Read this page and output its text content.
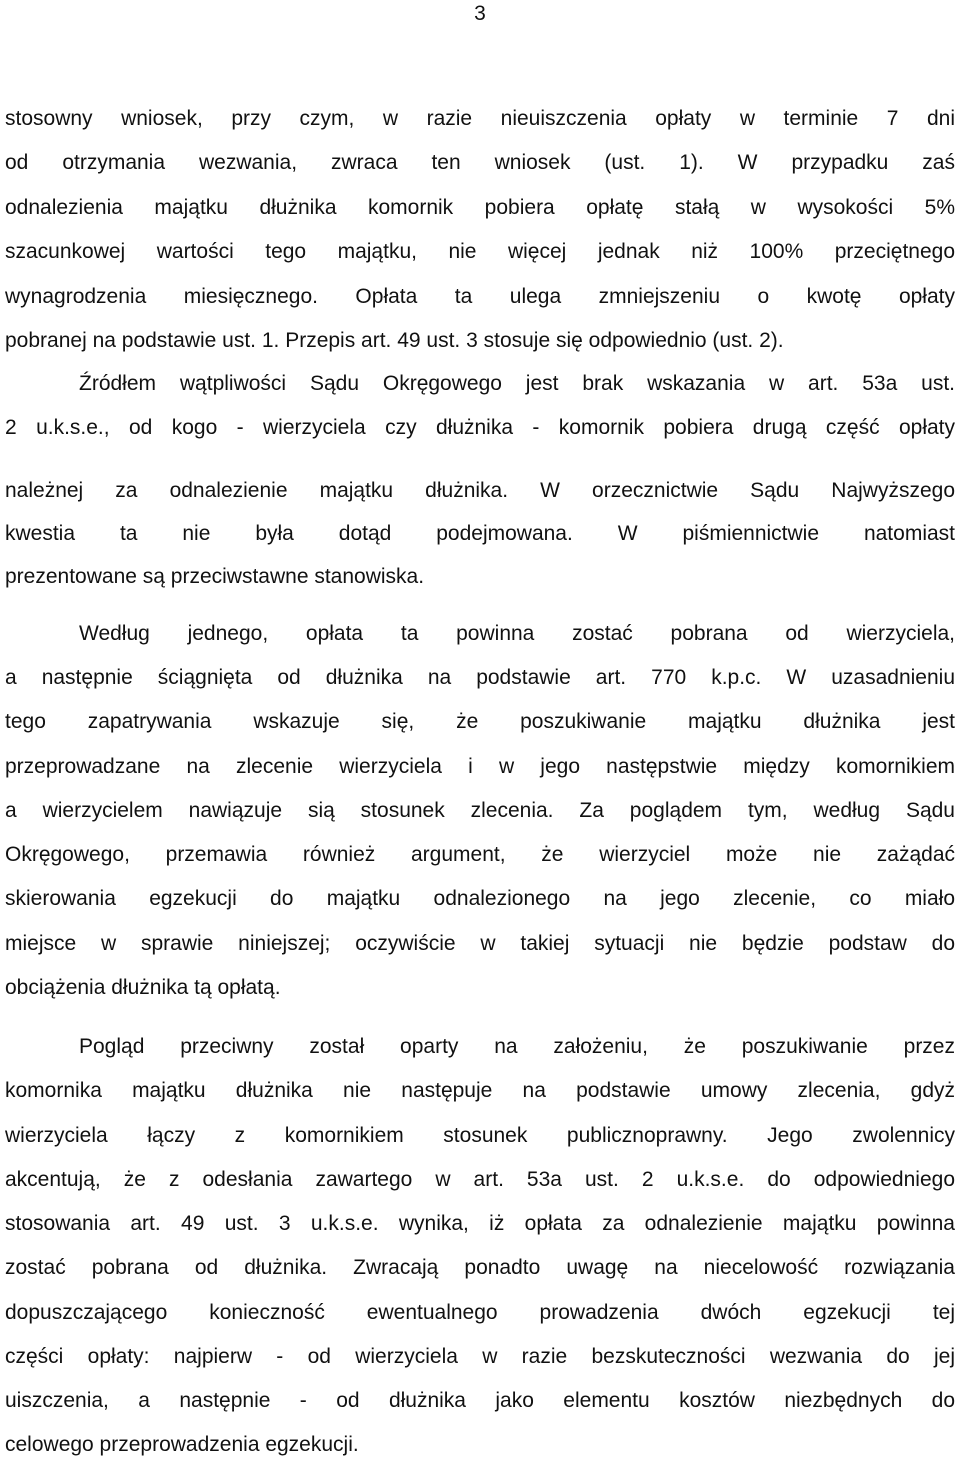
3
stosowny wniosek, przy czym, w razie nieuiszczenia opłaty w terminie 7 dni
od otrzymania wezwania, zwraca ten wniosek (ust. 1). W przypadku zaś
odnalezienia majątku dłużnika komornik pobiera opłatę stałą w wysokości 5%
szacunkowej wartości tego majątku, nie więcej jednak niż 100% przeciętnego
wynagrodzenia miesięcznego. Opłata ta ulega zmniejszeniu o kwotę opłaty
pobranej na podstawie ust. 1. Przepis art. 49 ust. 3 stosuje się odpowiednio (ust. 2).
Źródłem wątpliwości Sądu Okręgowego jest brak wskazania w art. 53a ust.
2 u.k.s.e., od kogo - wierzyciela czy dłużnika - komornik pobiera drugą część opłaty
należnej za odnalezienie majątku dłużnika. W orzecznictwie Sądu Najwyższego
kwestia ta nie była dotąd podejmowana. W piśmiennictwie natomiast
prezentowane są przeciwstawne stanowiska.
Według jednego, opłata ta powinna zostać pobrana od wierzyciela,
a następnie ściągnięta od dłużnika na podstawie art. 770 k.p.c. W uzasadnieniu
tego zapatrywania wskazuje się, że poszukiwanie majątku dłużnika jest
przeprowadzane na zlecenie wierzyciela i w jego następstwie między komornikiem
a wierzycielem nawiązuje sią stosunek zlecenia. Za poglądem tym, według Sądu
Okręgowego, przemawia również argument, że wierzyciel może nie zażądać
skierowania egzekucji do majątku odnalezionego na jego zlecenie, co miało
miejsce w sprawie niniejszej; oczywiście w takiej sytuacji nie będzie podstaw do
obciążenia dłużnika tą opłatą.
Pogląd przeciwny został oparty na założeniu, że poszukiwanie przez
komornika majątku dłużnika nie następuje na podstawie umowy zlecenia, gdyż
wierzyciela łączy z komornikiem stosunek publicznoprawny. Jego zwolennicy
akcentują, że z odesłania zawartego w art. 53a ust. 2 u.k.s.e. do odpowiedniego
stosowania art. 49 ust. 3 u.k.s.e. wynika, iż opłata za odnalezienie majątku powinna
zostać pobrana od dłużnika. Zwracają ponadto uwagę na niecelowość rozwiązania
dopuszczającego konieczność ewentualnego prowadzenia dwóch egzekucji tej
części opłaty: najpierw - od wierzyciela w razie bezskuteczności wezwania do jej
uiszczenia, a następnie - od dłużnika jako elementu kosztów niezbędnych do
celowego przeprowadzenia egzekucji.
